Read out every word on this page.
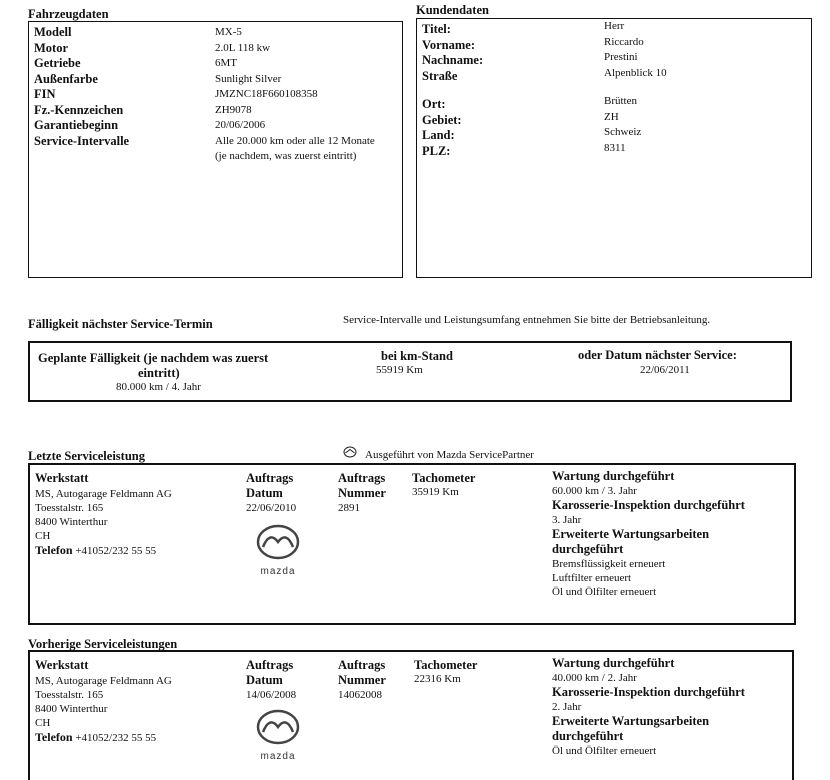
Fahrzeugdaten
Modell
Motor
Getriebe
Außenfarbe
FIN
Fz.-Kennzeichen
Garantiebeginn
Service-Intervalle
MX-5
2.0L 118 kw
6MT
Sunlight Silver
JMZNC18F660108358
ZH9078
20/06/2006
Alle 20.000 km oder alle 12 Monate
(je nachdem, was zuerst eintritt)
Kundendaten
Titel:
Vorname:
Nachname:
Straße
Herr
Riccardo
Prestini
Alpenblick 10
Ort:
Gebiet:
Land:
PLZ:
Brütten
ZH
Schweiz
8311
Fälligkeit nächster Service-Termin	Service-Intervalle und Leistungsumfang entnehmen Sie bitte der Betriebsanleitung.
Geplante Fälligkeit (je nachdem was zuerst
eintritt)
80.000 km / 4. Jahr
bei km-Stand
55919 Km
oder Datum nächster Service:
22/06/2011
Letzte Serviceleistung	Ausgeführt von Mazda ServicePartner
Werkstatt
MS, Autogarage Feldmann AG
Toesstalstr. 165
8400 Winterthur
CH
Telefon +41052/232 55 55
Auftrags
Datum
22/06/2010
mazda
Auftrags
Nummer
2891
Tachometer
35919 Km
Wartung durchgeführt
60.000 km / 3. Jahr
Karosserie-Inspektion durchgeführt
3. Jahr
Erweiterte Wartungsarbeiten
durchgeführt
Bremsflüssigkeit erneuert
Luftfilter erneuert
Öl und Ölfilter erneuert
Vorherige Serviceleistungen
Werkstatt
MS, Autogarage Feldmann AG
Toesstalstr. 165
8400 Winterthur
CH
Telefon +41052/232 55 55
Auftrags
Datum
14/06/2008
mazda
Auftrags
Nummer
14062008
Tachometer
22316 Km
Wartung durchgeführt
40.000 km / 2. Jahr
Karosserie-Inspektion durchgeführt
2. Jahr
Erweiterte Wartungsarbeiten
durchgeführt
Öl und Ölfilter erneuert
